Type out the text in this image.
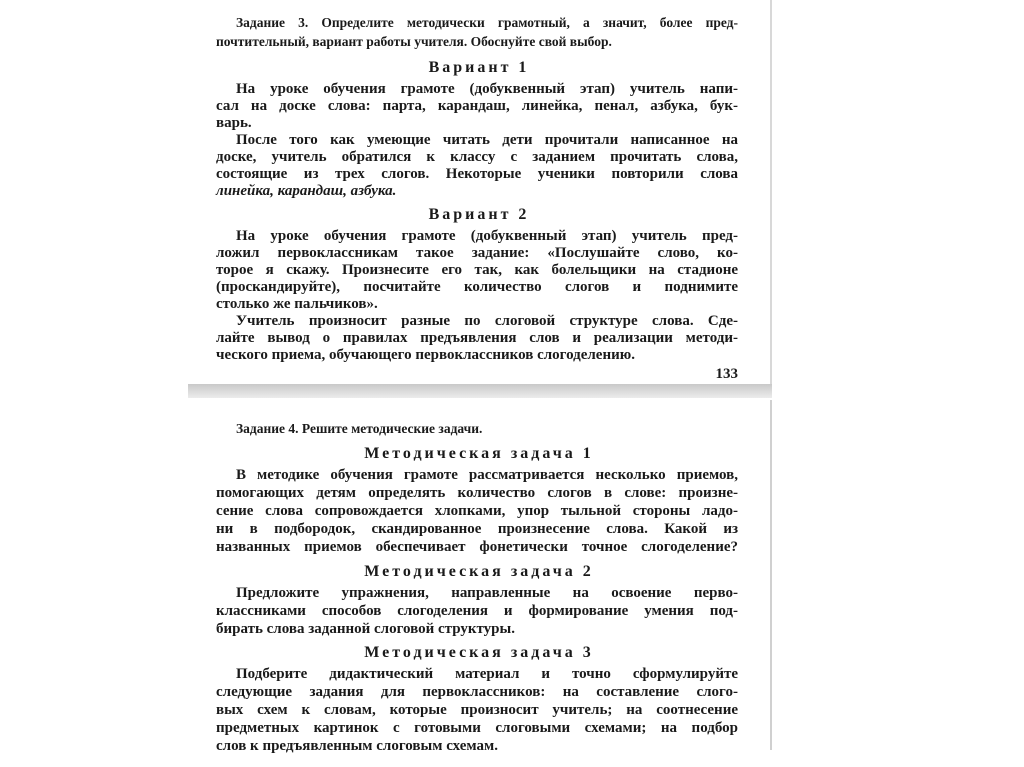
Задание 3. Определите методически грамотный, а значит, более пред-
почтительный, вариант работы учителя. Обоснуйте свой выбор.
Вариант 1
На уроке обучения грамоте (добуквенный этап) учитель напи-
сал на доске слова: парта, карандаш, линейка, пенал, азбука, бук-
варь.
После того как умеющие читать дети прочитали написанное на
доске, учитель обратился к классу с заданием прочитать слова,
состоящие из трех слогов. Некоторые ученики повторили слова
линейка, карандаш, азбука.
Вариант 2
На уроке обучения грамоте (добуквенный этап) учитель пред-
ложил первоклассникам такое задание: «Послушайте слово, ко-
торое я скажу. Произнесите его так, как болельщики на стадионе
(проскандируйте), посчитайте количество слогов и поднимите
столько же пальчиков».
Учитель произносит разные по слоговой структуре слова. Сде-
лайте вывод о правилах предъявления слов и реализации методи-
ческого приема, обучающего первоклассников слогоделению.
133
Задание 4. Решите методические задачи.
Методическая задача 1
В методике обучения грамоте рассматривается несколько приемов,
помогающих детям определять количество слогов в слове: произне-
сение слова сопровождается хлопками, упор тыльной стороны ладо-
ни в подбородок, скандированное произнесение слова. Какой из
названных приемов обеспечивает фонетически точное слогоделение?
Методическая задача 2
Предложите упражнения, направленные на освоение перво-
классниками способов слогоделения и формирование умения под-
бирать слова заданной слоговой структуры.
Методическая задача 3
Подберите дидактический материал и точно сформулируйте
следующие задания для первоклассников: на составление слого-
вых схем к словам, которые произносит учитель; на соотнесение
предметных картинок с готовыми слоговыми схемами; на подбор
слов к предъявленным слоговым схемам.
